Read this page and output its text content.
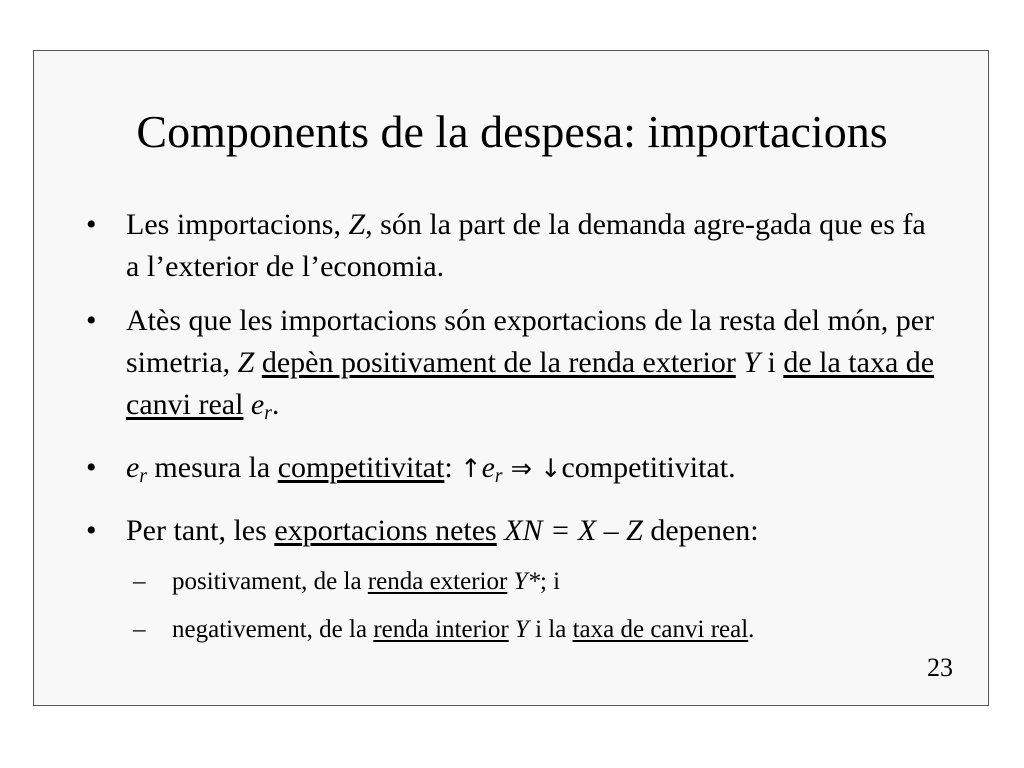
Components de la despesa: importacions
• Les importacions, Z, són la part de la demanda agre-gada que es fa a l’exterior de l’economia.
• Atès que les importacions són exportacions de la resta del món, per simetria, Z depèn positivament de la renda exterior Y i de la taxa de canvi real er.
• er mesura la competitivitat: ↑er ⇒ ↓competitivitat.
• Per tant, les exportacions netes XN = X – Z depenen:
– positivament, de la renda exterior Y*; i
– negativement, de la renda interior Y i la taxa de canvi real.
23
